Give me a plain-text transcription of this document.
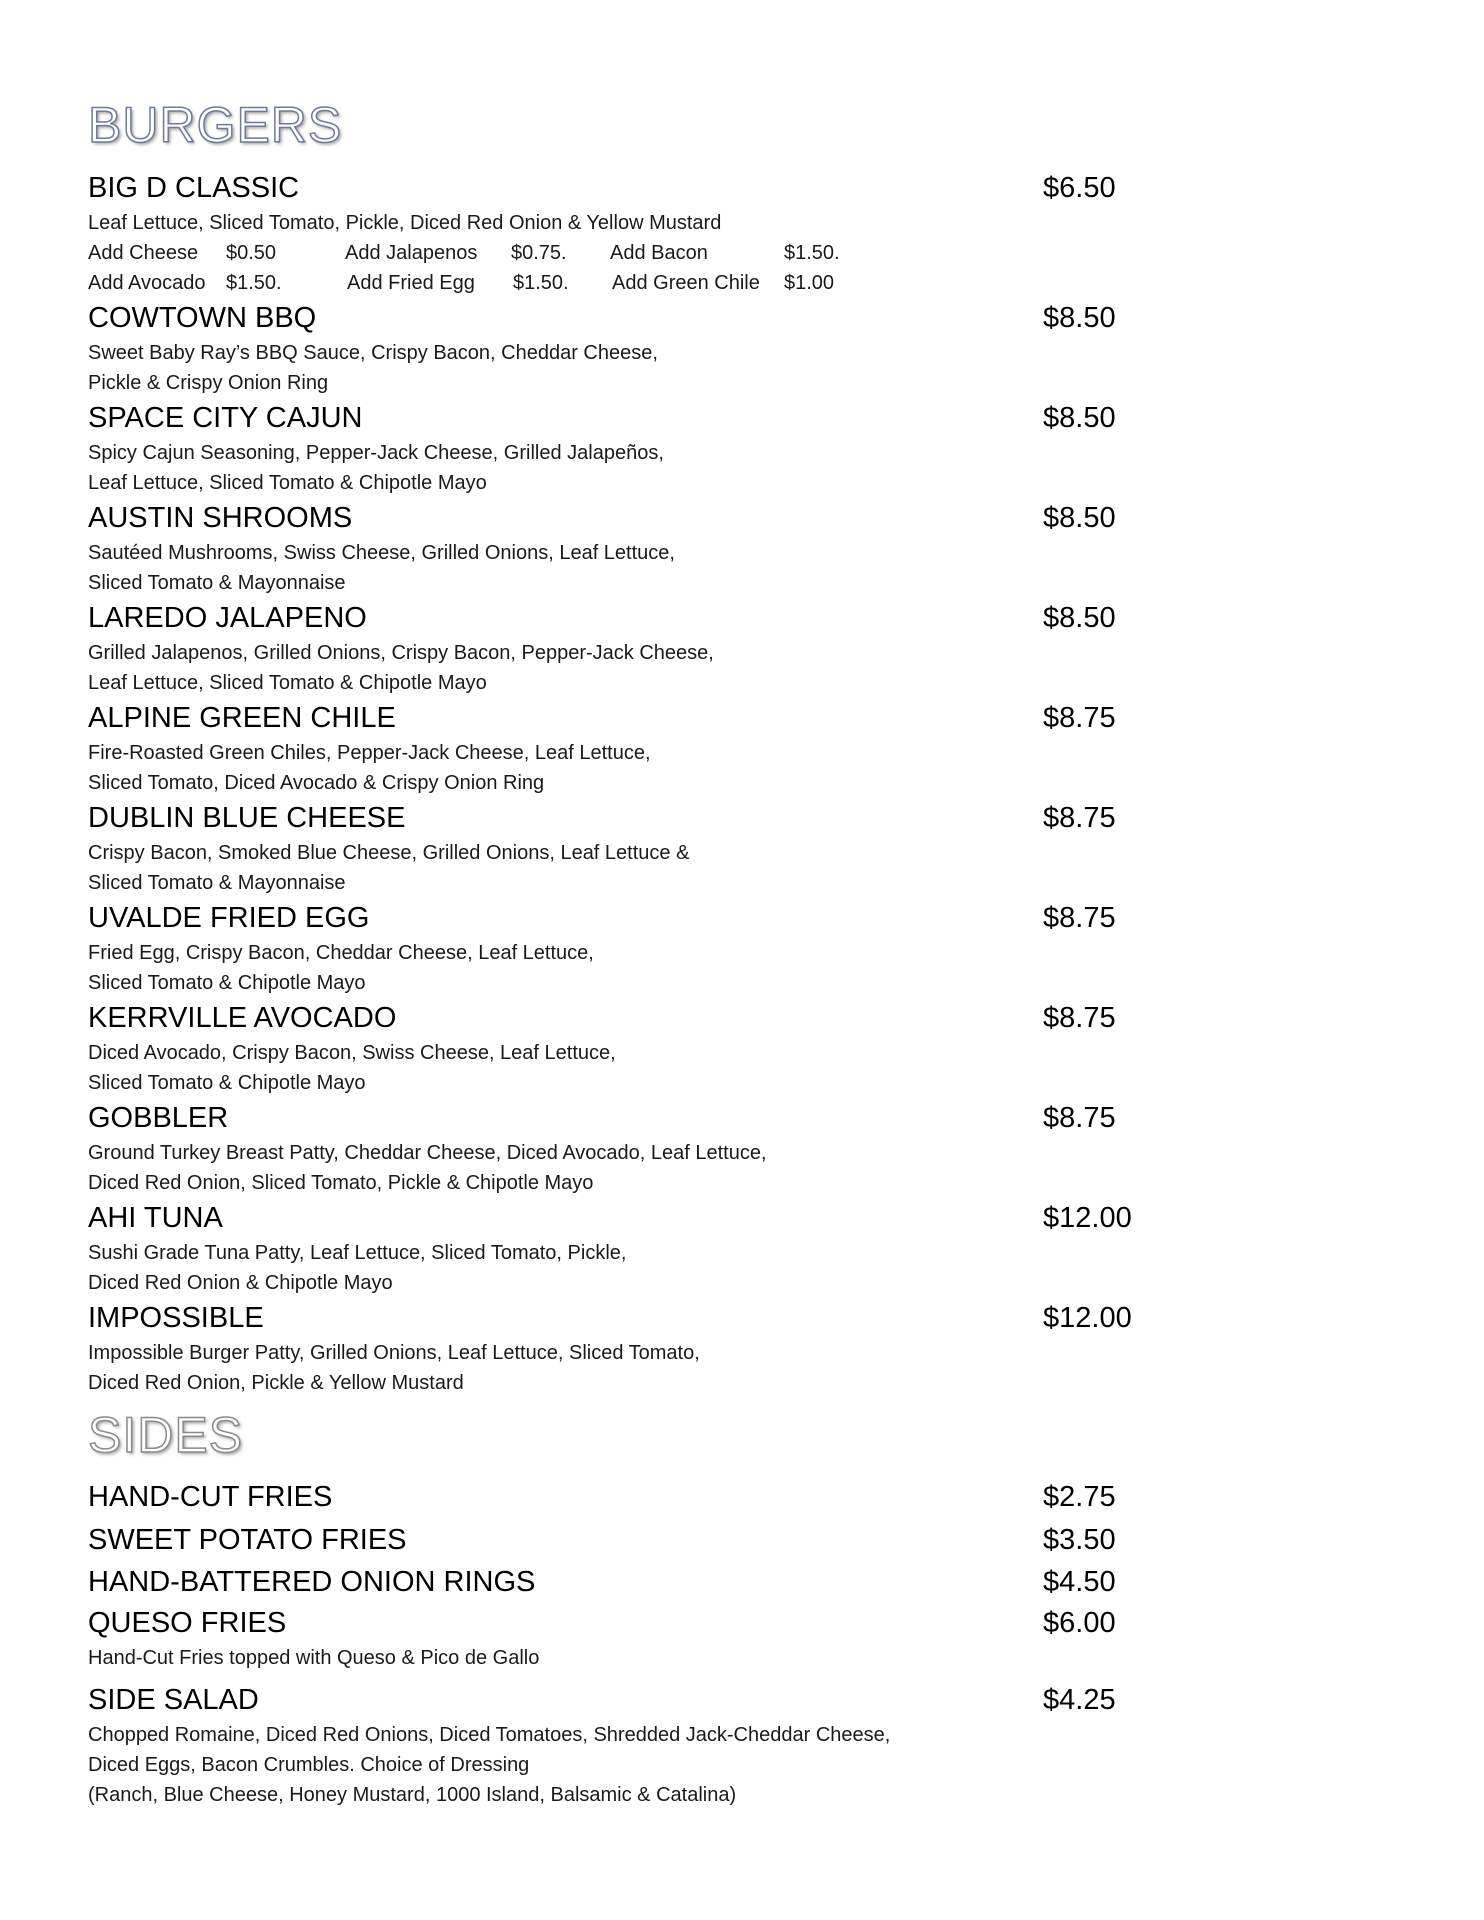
BURGERS
BIG D CLASSIC	$6.50
Leaf Lettuce, Sliced Tomato, Pickle, Diced Red Onion & Yellow Mustard
Add Cheese $0.50	Add Jalapenos $0.75. Add Bacon	$1.50.
Add Avocado $1.50.	Add Fried Egg $1.50. Add Green Chile $1.00
COWTOWN BBQ	$8.50
Sweet Baby Ray’s BBQ Sauce, Crispy Bacon, Cheddar Cheese,
Pickle & Crispy Onion Ring
SPACE CITY CAJUN	$8.50
Spicy Cajun Seasoning, Pepper-Jack Cheese, Grilled Jalapeños,
Leaf Lettuce, Sliced Tomato & Chipotle Mayo
AUSTIN SHROOMS	$8.50
Sautéed Mushrooms, Swiss Cheese, Grilled Onions, Leaf Lettuce,
Sliced Tomato & Mayonnaise
LAREDO JALAPENO	$8.50
Grilled Jalapenos, Grilled Onions, Crispy Bacon, Pepper-Jack Cheese,
Leaf Lettuce, Sliced Tomato & Chipotle Mayo
ALPINE GREEN CHILE	$8.75
Fire-Roasted Green Chiles, Pepper-Jack Cheese, Leaf Lettuce,
Sliced Tomato, Diced Avocado & Crispy Onion Ring
DUBLIN BLUE CHEESE	$8.75
Crispy Bacon, Smoked Blue Cheese, Grilled Onions, Leaf Lettuce &
Sliced Tomato & Mayonnaise
UVALDE FRIED EGG	$8.75
Fried Egg, Crispy Bacon, Cheddar Cheese, Leaf Lettuce,
Sliced Tomato & Chipotle Mayo
KERRVILLE AVOCADO	$8.75
Diced Avocado, Crispy Bacon, Swiss Cheese, Leaf Lettuce,
Sliced Tomato & Chipotle Mayo
GOBBLER	$8.75
Ground Turkey Breast Patty, Cheddar Cheese, Diced Avocado, Leaf Lettuce,
Diced Red Onion, Sliced Tomato, Pickle & Chipotle Mayo
AHI TUNA	$12.00
Sushi Grade Tuna Patty, Leaf Lettuce, Sliced Tomato, Pickle,
Diced Red Onion & Chipotle Mayo
IMPOSSIBLE	$12.00
Impossible Burger Patty, Grilled Onions, Leaf Lettuce, Sliced Tomato,
Diced Red Onion, Pickle & Yellow Mustard
SIDES
HAND-CUT FRIES	$2.75
SWEET POTATO FRIES	$3.50
HAND-BATTERED ONION RINGS	$4.50
QUESO FRIES	$6.00
Hand-Cut Fries topped with Queso & Pico de Gallo
SIDE SALAD	$4.25
Chopped Romaine, Diced Red Onions, Diced Tomatoes, Shredded Jack-Cheddar Cheese,
Diced Eggs, Bacon Crumbles. Choice of Dressing
(Ranch, Blue Cheese, Honey Mustard, 1000 Island, Balsamic & Catalina)
